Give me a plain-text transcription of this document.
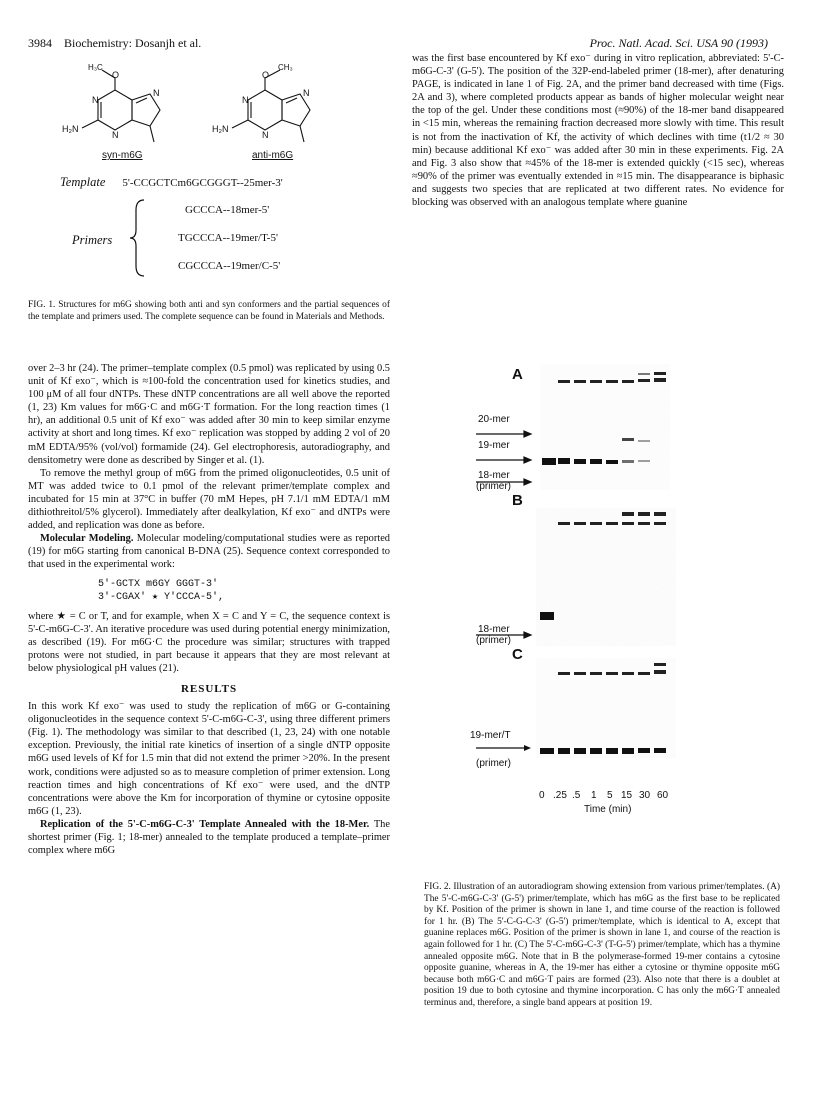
3984 Biochemistry: Dosanjh et al.	Proc. Natl. Acad. Sci. USA 90 (1993)
H₃C
O
N
H₂N
N
N
CH₃
O
N
H₂N
N
N
syn-m6G	anti-m6G
Template 5'-CCGCTCm6GCGGGT--25mer-3'
Primers
GCCCA--18mer-5'
TGCCCA--19mer/T-5'
CGCCCA--19mer/C-5'
FIG. 1. Structures for m6G showing both anti and syn conformers and the partial sequences of the template and primers used. The complete sequence can be found in Materials and Methods.

over 2–3 hr (24). The primer–template complex (0.5 pmol) was replicated by using 0.5 unit of Kf exo⁻, which is ≈100-fold the concentration used for kinetics studies, and 100 μM of all four dNTPs. These dNTP concentrations are all well above the reported (1, 23) Km values for m6G·C and m6G·T formation. For the long reaction times (1 hr), an additional 0.5 unit of Kf exo⁻ was added after 30 min to keep similar enzyme activity at short and long times. Kf exo⁻ replication was stopped by adding 2 vol of 20 mM EDTA/95% (vol/vol) formamide (24). Gel electrophoresis, autoradiography, and densitometry were done as described by Singer et al. (1).

To remove the methyl group of m6G from the primed oligonucleotides, 0.5 unit of MT was added twice to 0.1 pmol of the relevant primer/template complex and incubated for 15 min at 37°C in buffer (70 mM Hepes, pH 7.1/1 mM EDTA/1 mM dithiothreitol/5% glycerol). Immediately after dealkylation, Kf exo⁻ and dNTPs were added, and replication was done as before.

Molecular Modeling. Molecular modeling/computational studies were as reported (19) for m6G starting from canonical B-DNA (25). Sequence context corresponded to that used in the experimental work:

5'-GCTX m6GY GGGT-3'
3'-CGAX' ★ Y'CCCA-5',

where ★ = C or T, and for example, when X = C and Y = C, the sequence context is 5'-C-m6G-C-3'. An iterative procedure was used during potential energy minimization, as described (19). For m6G·C the procedure was similar; structures with trapped protons were not studied, in part because it appears that they are most relevant at below physiological pH values (21).

RESULTS

In this work Kf exo⁻ was used to study the replication of m6G or G-containing oligonucleotides in the sequence context 5'-C-m6G-C-3', using three different primers (Fig. 1). The methodology was similar to that described (1, 23, 24) with one notable exception. Previously, the initial rate kinetics of insertion of a single dNTP opposite m6G used levels of Kf for 1.5 min that did not extend the primer >20%. In the present work, conditions were adjusted so as to measure completion of primer extension. Long reaction times and high concentrations of Kf exo⁻ were used, and the dNTP concentrations were above the Km for incorporation of thymine or cytosine opposite m6G (1, 23).

Replication of the 5'-C-m6G-C-3' Template Annealed with the 18-Mer. The shortest primer (Fig. 1; 18-mer) annealed to the template produced a template–primer complex where m6G

was the first base encountered by Kf exo⁻ during in vitro replication, abbreviated: 5'-C-m6G-C-3' (G-5'). The position of the 32P-end-labeled primer (18-mer), after denaturing PAGE, is indicated in lane 1 of Fig. 2A, and the primer band decreased with time (Figs. 2A and 3), where completed products appear as bands of higher molecular weight near the top of the gel. Under these conditions most (≈90%) of the 18-mer band disappeared in <15 min, whereas the remaining fraction decreased more slowly with time. This result is not from the inactivation of Kf, the activity of which declines with time (t1/2 ≈ 30 min) because additional Kf exo⁻ was added after 30 min in these experiments. Fig. 2A and Fig. 3 also show that ≈45% of the 18-mer is extended quickly (<15 sec), whereas ≈90% of the primer was eventually extended in ≈15 min. The disappearance is biphasic and suggests two species that are replicated at two different rates. No evidence for blocking was observed with an analogous template where guanine

A
B
C
20-mer
19-mer
18-mer
(primer)
18-mer
(primer)
19-mer/T
(primer)
0 .25 .5 1 5 15 30 60
Time (min)
FIG. 2. Illustration of an autoradiogram showing extension from various primer/templates. (A) The 5'-C-m6G-C-3' (G-5') primer/template, which has m6G as the first base to be replicated by Kf. Position of the primer is shown in lane 1, and time course of the reaction is followed for 1 hr. (B) The 5'-C-G-C-3' (G-5') primer/template, which is identical to A, except that guanine replaces m6G. Position of the primer is shown in lane 1, and course of the reaction is again followed for 1 hr. (C) The 5'-C-m6G-C-3' (T-G-5') primer/template, which has a thymine annealed opposite m6G. Note that in B the polymerase-formed 19-mer contains a cytosine opposite guanine, whereas in A, the 19-mer has either a cytosine or thymine opposite m6G because both m6G·C and m6G·T pairs are formed (23). Also note that there is a doublet at position 19 due to both cytosine and thymine incorporation. C has only the m6G·T annealed terminus and, therefore, a single band appears at position 19.
